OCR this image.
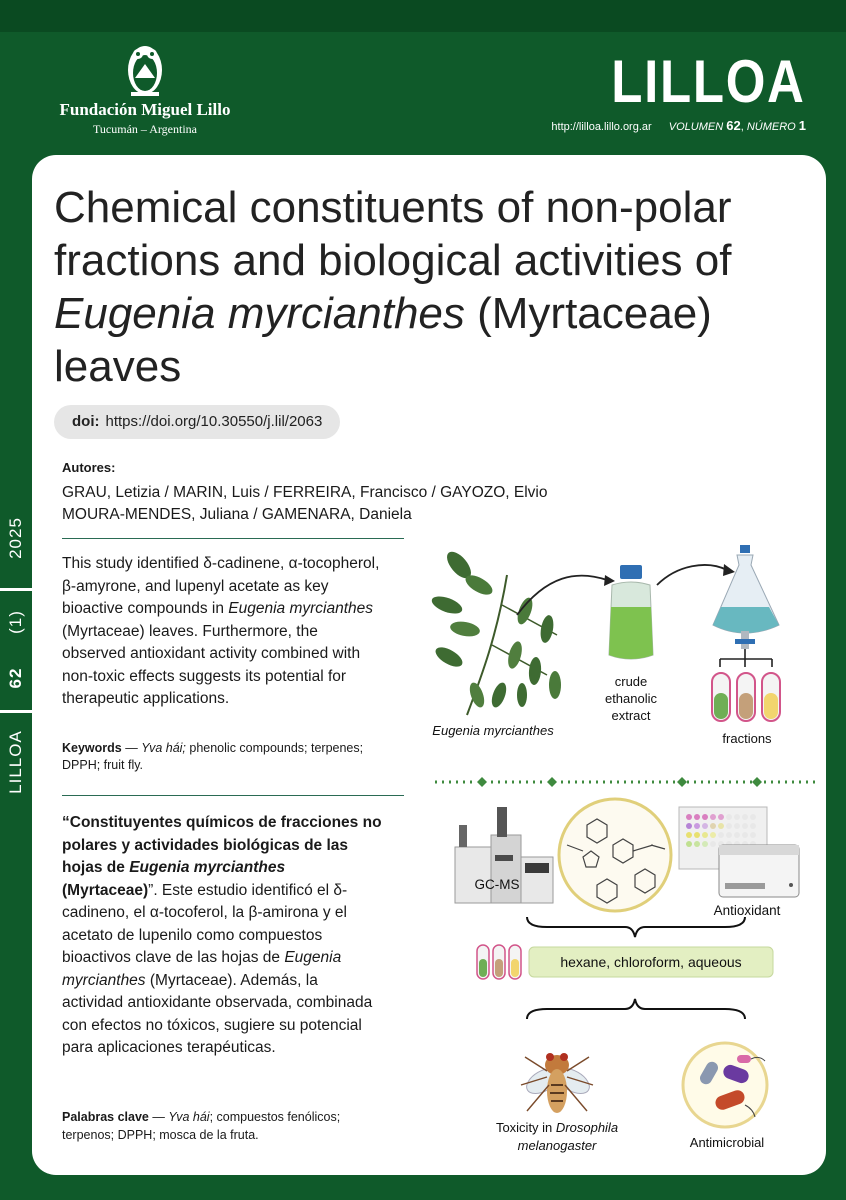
Fundación Miguel Lillo
Tucumán – Argentina
LILLOA
http://lilloa.lillo.org.ar VOLUMEN 62, NÚMERO 1
2025
(1)
62
LILLOA
Chemical constituents of non-polar fractions and biological activities of Eugenia myrcianthes (Myrtaceae) leaves
doi: https://doi.org/10.30550/j.lil/2063
Autores:
GRAU, Letizia / MARIN, Luis / FERREIRA, Francisco / GAYOZO, Elvio
MOURA-MENDES, Juliana / GAMENARA, Daniela
This study identified δ-cadinene, α-tocopherol, β-amyrone, and lupenyl acetate as key bioactive compounds in Eugenia myrcianthes (Myrtaceae) leaves. Furthermore, the observed antioxidant activity combined with non-toxic effects suggests its potential for therapeutic applications.
Keywords — Yva hái; phenolic compounds; terpenes; DPPH; fruit fly.
“Constituyentes químicos de fracciones no polares y actividades biológicas de las hojas de Eugenia myrcianthes (Myrtaceae)”. Este estudio identificó el δ-cadineno, el α-tocoferol, la β-amirona y el acetato de lupenilo como compuestos bioactivos clave de las hojas de Eugenia myrcianthes (Myrtaceae). Además, la actividad antioxidante observada, combinada con efectos no tóxicos, sugiere su potencial para aplicaciones terapéuticas.
Palabras clave — Yva hái; compuestos fenólicos; terpenos; DPPH; mosca de la fruta.
GC-MS
Antioxidant
Eugenia myrcianthes
crude
ethanolic
extract
fractions
hexane, chloroform, aqueous
Toxicity in Drosophila
melanogaster	Antimicrobial
